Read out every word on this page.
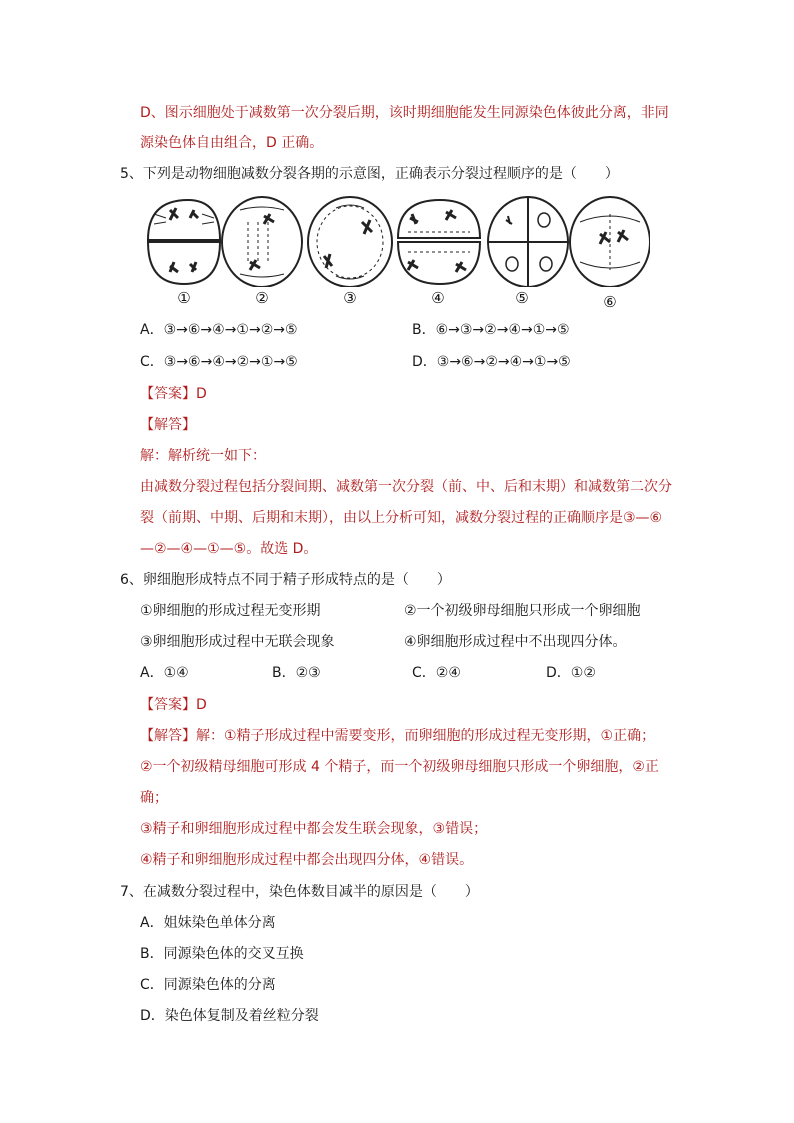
D、图示细胞处于减数第一次分裂后期，该时期细胞能发生同源染色体彼此分离，非同
源染色体自由组合，D 正确。
5、下列是动物细胞减数分裂各期的示意图，正确表示分裂过程顺序的是（　　）
①	②	③	④	⑤	⑥
A．③→⑥→④→①→②→⑤	B．⑥→③→②→④→①→⑤
C．③→⑥→④→②→①→⑤	D．③→⑥→②→④→①→⑤
【答案】D
【解答】
解：解析统一如下：
由减数分裂过程包括分裂间期、减数第一次分裂（前、中、后和末期）和减数第二次分
裂（前期、中期、后期和末期），由以上分析可知，减数分裂过程的正确顺序是③—⑥
—②—④—①—⑤。故选 D。
6、卵细胞形成特点不同于精子形成特点的是（　　）
①卵细胞的形成过程无变形期	②一个初级卵母细胞只形成一个卵细胞
③卵细胞形成过程中无联会现象	④卵细胞形成过程中不出现四分体。
A．①④	B．②③	C．②④	D．①②
【答案】D
【解答】解：①精子形成过程中需要变形，而卵细胞的形成过程无变形期，①正确；
②一个初级精母细胞可形成 4 个精子，而一个初级卵母细胞只形成一个卵细胞，②正
确；
③精子和卵细胞形成过程中都会发生联会现象，③错误；
④精子和卵细胞形成过程中都会出现四分体，④错误。
7、在减数分裂过程中，染色体数目减半的原因是（　　）
A．姐妹染色单体分离
B．同源染色体的交叉互换
C．同源染色体的分离
D．染色体复制及着丝粒分裂
